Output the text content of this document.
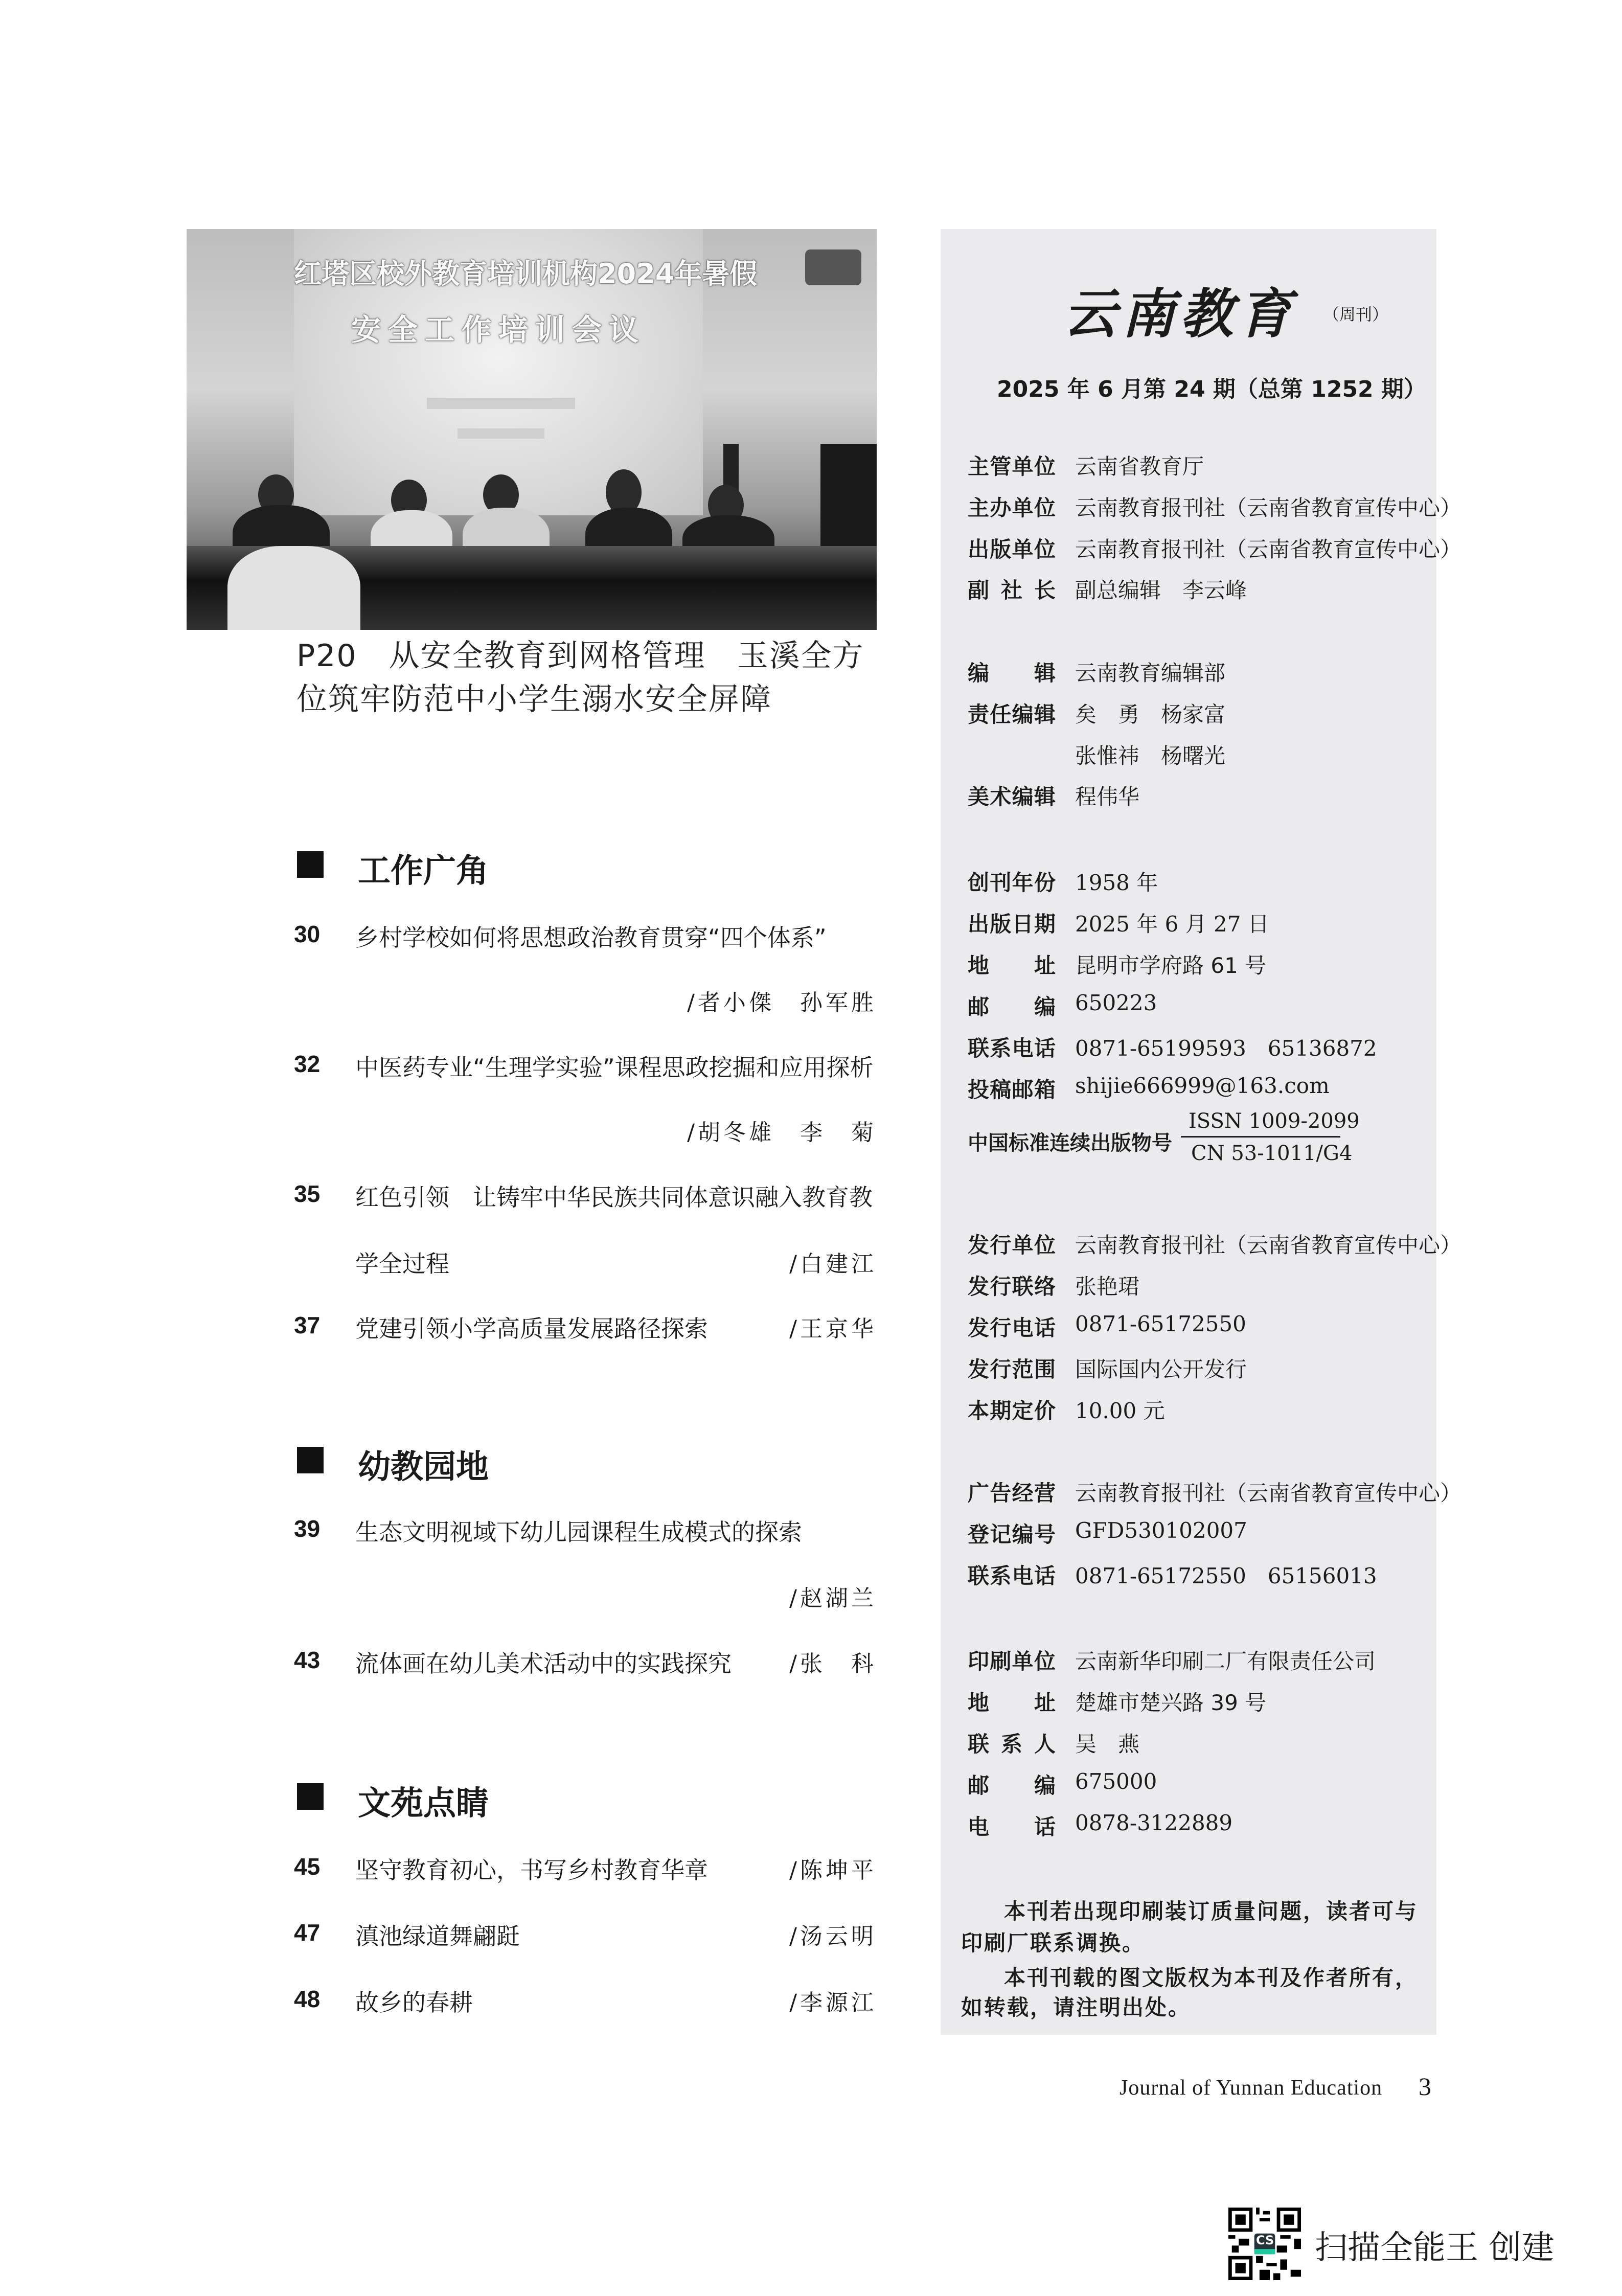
红塔区校外教育培训机构2024年暑假
安全工作培训会议
P20　从安全教育到网格管理　玉溪全方
位筑牢防范中小学生溺水安全屏障
工作广角
30 乡村学校如何将思想政治教育贯穿“四个体系”
/者小傑　孙军胜
32 中医药专业“生理学实验”课程思政挖掘和应用探析
/胡冬雄　李　菊
35 红色引领　让铸牢中华民族共同体意识融入教育教
学全过程	/白建江
37 党建引领小学高质量发展路径探索	/王京华
幼教园地
39 生态文明视域下幼儿园课程生成模式的探索
/赵湖兰
43 流体画在幼儿美术活动中的实践探究	/张　科
文苑点睛
45 坚守教育初心，书写乡村教育华章	/陈坤平
47 滇池绿道舞翩跹	/汤云明
48 故乡的春耕	/李源江
云南教育 （周刊）
2025 年 6 月第 24 期（总第 1252 期）
主管单位 云南省教育厅
主办单位 云南教育报刊社（云南省教育宣传中心）
出版单位 云南教育报刊社（云南省教育宣传中心）
副社长 副总编辑　李云峰
编辑 云南教育编辑部
责任编辑 矣　勇　杨家富
张惟祎　杨曙光
美术编辑 程伟华
创刊年份 1958 年
出版日期 2025 年 6 月 27 日
地址 昆明市学府路 61 号
邮编 650223
联系电话 0871-65199593　65136872
投稿邮箱 shijie666999@163.com
发行单位 云南教育报刊社（云南省教育宣传中心）
发行联络 张艳珺
发行电话 0871-65172550
发行范围 国际国内公开发行
本期定价 10.00 元
广告经营 云南教育报刊社（云南省教育宣传中心）
登记编号 GFD530102007
联系电话 0871-65172550　65156013
印刷单位 云南新华印刷二厂有限责任公司
地址 楚雄市楚兴路 39 号
联系人 吴　燕
邮编 675000
电话 0878-3122889
中国标准连续出版物号
ISSN 1009-2099
CN 53-1011/G4
本刊若出现印刷装订质量问题，读者可与印刷厂联系调换。
本刊刊载的图文版权为本刊及作者所有，如转载，请注明出处。
Journal of Yunnan Education 3
CS 扫描全能王 创建
